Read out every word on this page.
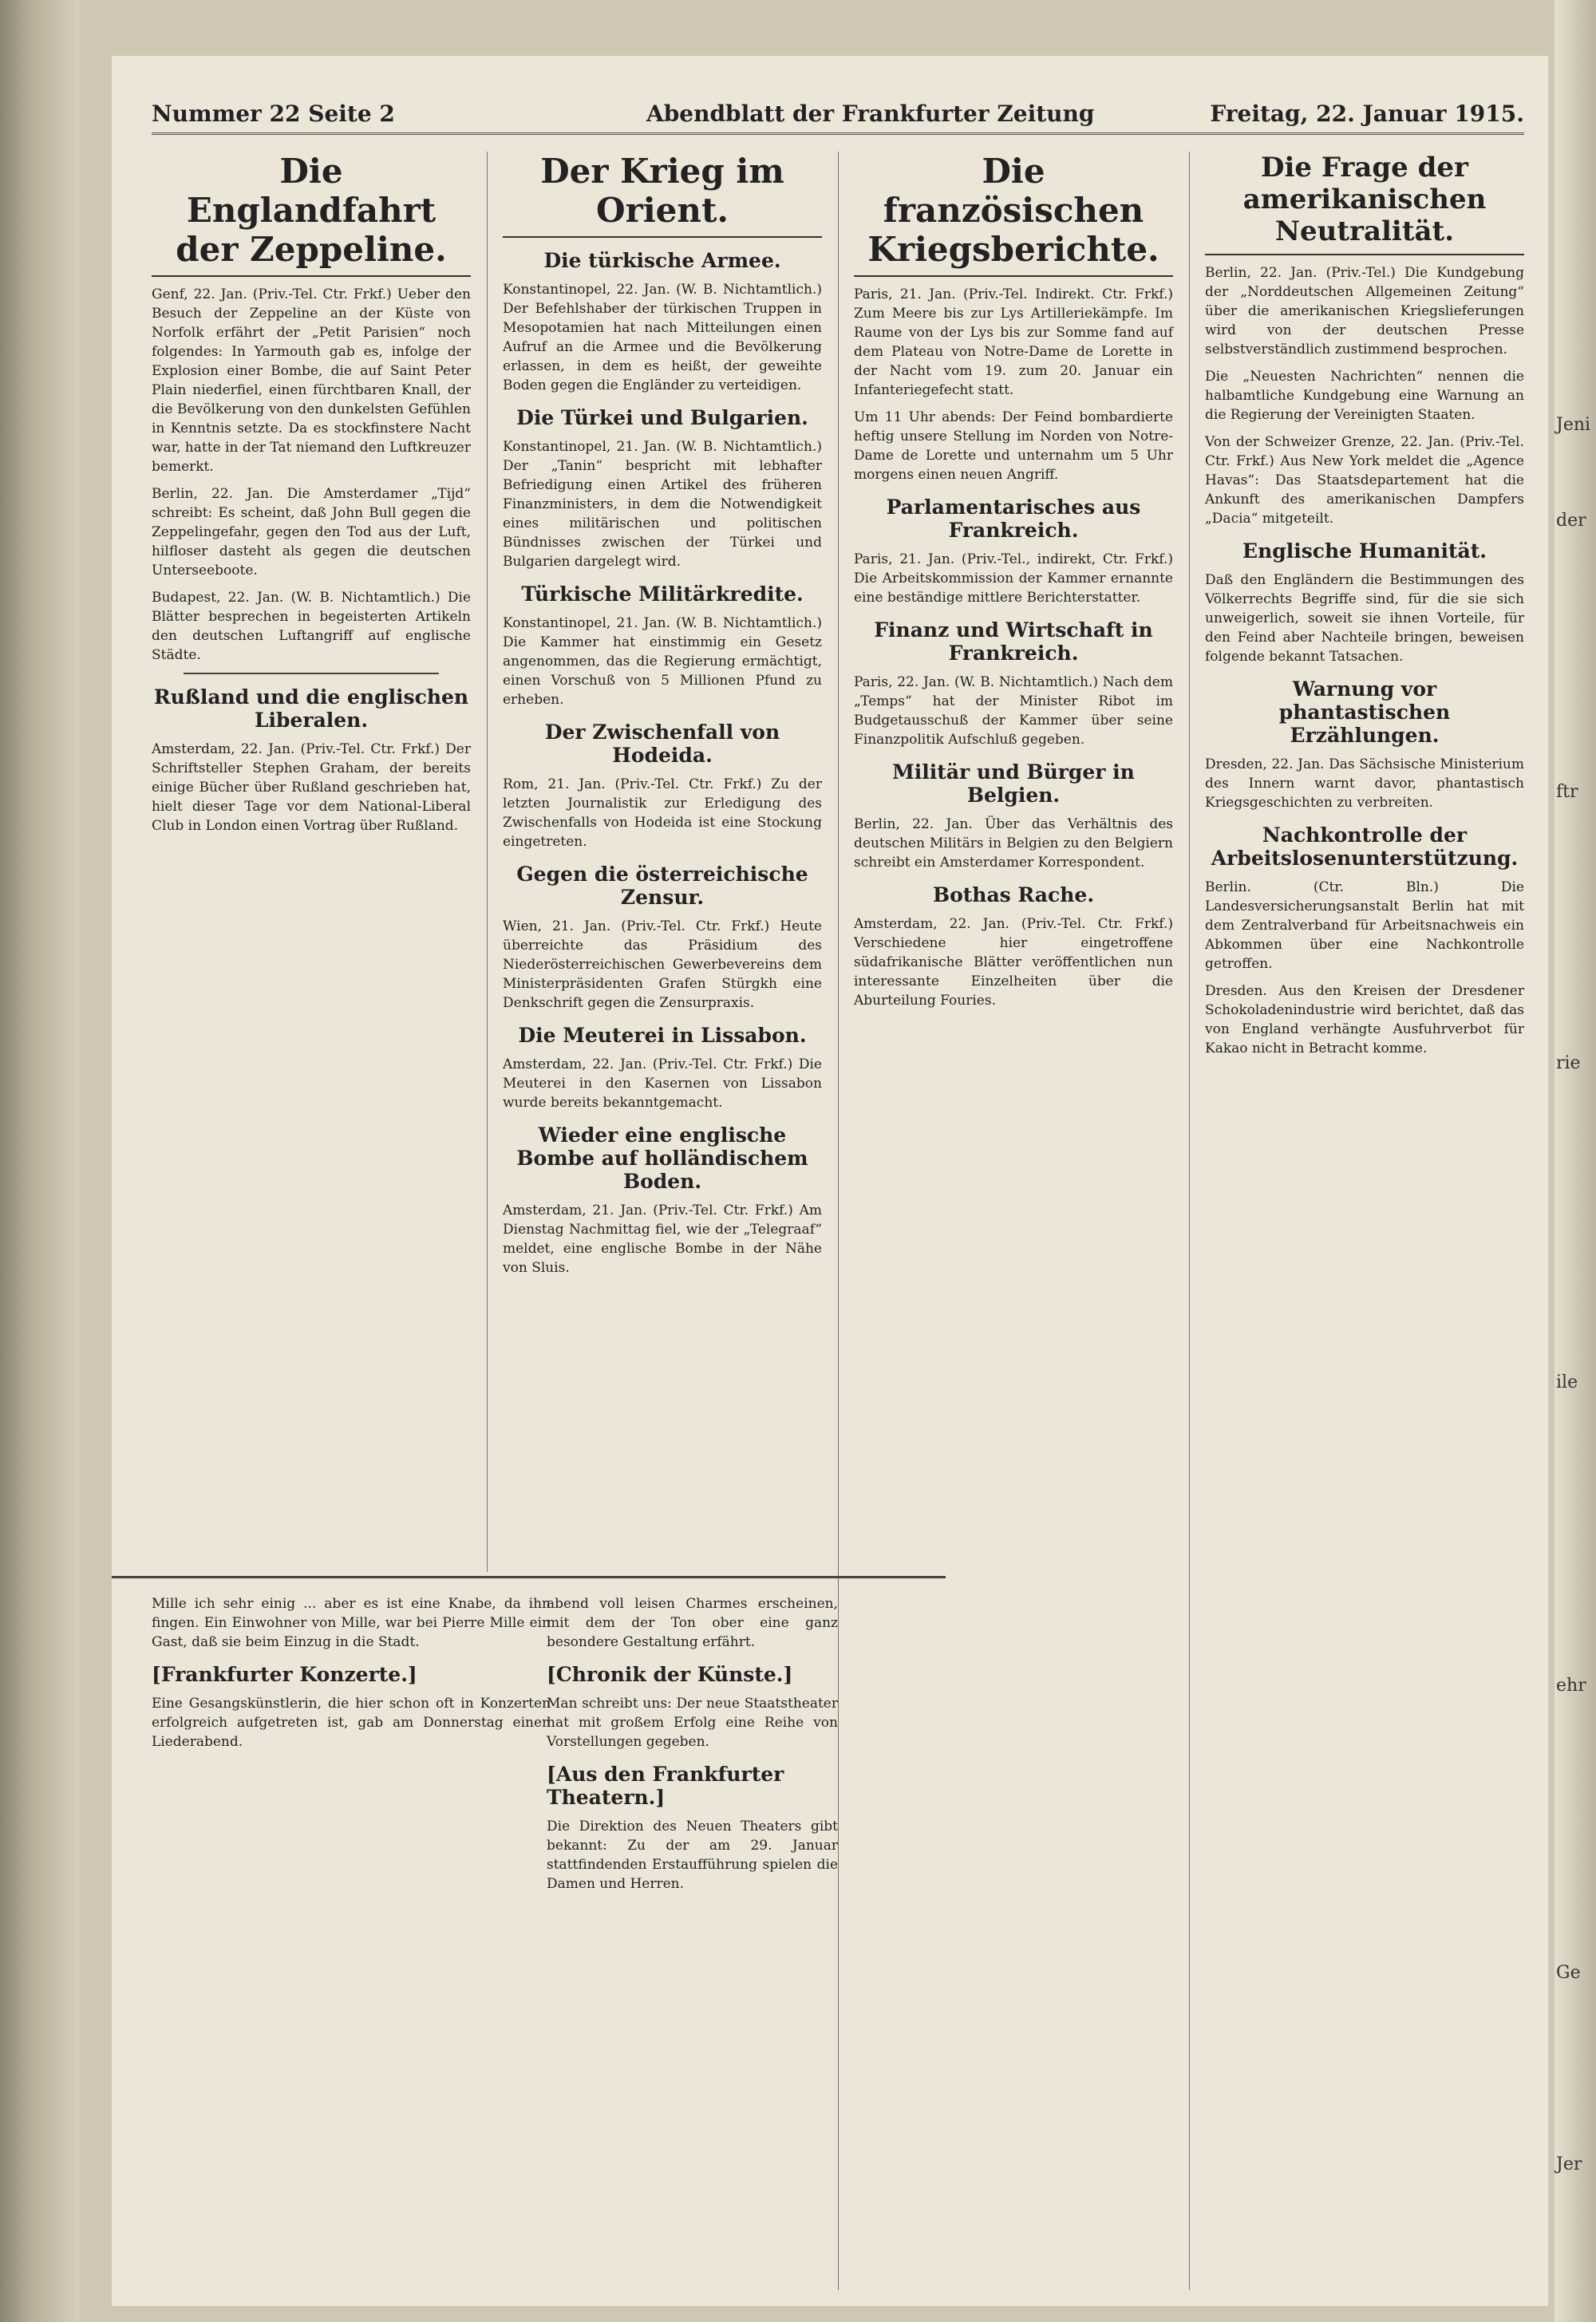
Nummer 22 Seite 2	Abendblatt der Frankfurter Zeitung	Freitag, 22. Januar 1915.
Die Englandfahrt der Zeppeline.

Genf, 22. Jan. (Priv.-Tel. Ctr. Frkf.) Ueber den Besuch der Zeppeline an der Küste von Norfolk erfährt der „Petit Parisien“ noch folgendes: In Yarmouth gab es, infolge der Explosion einer Bombe, die auf Saint Peter Plain niederfiel, einen fürchtbaren Knall, der die Bevölkerung von den dunkelsten Gefühlen in Kenntnis setzte. Da es stockfinstere Nacht war, hatte in der Tat niemand den Luftkreuzer bemerkt.

Berlin, 22. Jan. Die Amsterdamer „Tijd“ schreibt: Es scheint, daß John Bull gegen die Zeppelingefahr, gegen den Tod aus der Luft, hilfloser dasteht als gegen die deutschen Unterseeboote.

Budapest, 22. Jan. (W. B. Nichtamtlich.) Die Blätter besprechen in begeisterten Artikeln den deutschen Luftangriff auf englische Städte.

Rußland und die englischen Liberalen.

Amsterdam, 22. Jan. (Priv.-Tel. Ctr. Frkf.) Der Schriftsteller Stephen Graham, der bereits einige Bücher über Rußland geschrieben hat, hielt dieser Tage vor dem National-Liberal Club in London einen Vortrag über Rußland.

Der Krieg im Orient.
Die türkische Armee.

Konstantinopel, 22. Jan. (W. B. Nichtamtlich.) Der Befehlshaber der türkischen Truppen in Mesopotamien hat nach Mitteilungen einen Aufruf an die Armee und die Bevölkerung erlassen, in dem es heißt, der geweihte Boden gegen die Engländer zu verteidigen.

Die Türkei und Bulgarien.

Konstantinopel, 21. Jan. (W. B. Nichtamtlich.) Der „Tanin“ bespricht mit lebhafter Befriedigung einen Artikel des früheren Finanzministers, in dem die Notwendigkeit eines militärischen und politischen Bündnisses zwischen der Türkei und Bulgarien dargelegt wird.

Türkische Militärkredite.

Konstantinopel, 21. Jan. (W. B. Nichtamtlich.) Die Kammer hat einstimmig ein Gesetz angenommen, das die Regierung ermächtigt, einen Vorschuß von 5 Millionen Pfund zu erheben.

Der Zwischenfall von Hodeida.

Rom, 21. Jan. (Priv.-Tel. Ctr. Frkf.) Zu der letzten Journalistik zur Erledigung des Zwischenfalls von Hodeida ist eine Stockung eingetreten.

Gegen die österreichische Zensur.

Wien, 21. Jan. (Priv.-Tel. Ctr. Frkf.) Heute überreichte das Präsidium des Niederösterreichischen Gewerbevereins dem Ministerpräsidenten Grafen Stürgkh eine Denkschrift gegen die Zensurpraxis.

Die Meuterei in Lissabon.

Amsterdam, 22. Jan. (Priv.-Tel. Ctr. Frkf.) Die Meuterei in den Kasernen von Lissabon wurde bereits bekanntgemacht.

Wieder eine englische Bombe auf holländischem Boden.

Amsterdam, 21. Jan. (Priv.-Tel. Ctr. Frkf.) Am Dienstag Nachmittag fiel, wie der „Telegraaf“ meldet, eine englische Bombe in der Nähe von Sluis.

Die französischen Kriegsberichte.

Paris, 21. Jan. (Priv.-Tel. Indirekt. Ctr. Frkf.) Zum Meere bis zur Lys Artilleriekämpfe. Im Raume von der Lys bis zur Somme fand auf dem Plateau von Notre-Dame de Lorette in der Nacht vom 19. zum 20. Januar ein Infanteriegefecht statt.

Um 11 Uhr abends: Der Feind bombardierte heftig unsere Stellung im Norden von Notre-Dame de Lorette und unternahm um 5 Uhr morgens einen neuen Angriff.

Parlamentarisches aus Frankreich.

Paris, 21. Jan. (Priv.-Tel., indirekt, Ctr. Frkf.) Die Arbeitskommission der Kammer ernannte eine beständige mittlere Berichterstatter.

Finanz und Wirtschaft in Frankreich.

Paris, 22. Jan. (W. B. Nichtamtlich.) Nach dem „Temps“ hat der Minister Ribot im Budgetausschuß der Kammer über seine Finanzpolitik Aufschluß gegeben.

Militär und Bürger in Belgien.

Berlin, 22. Jan. Über das Verhältnis des deutschen Militärs in Belgien zu den Belgiern schreibt ein Amsterdamer Korrespondent.

Bothas Rache.

Amsterdam, 22. Jan. (Priv.-Tel. Ctr. Frkf.) Verschiedene hier eingetroffene südafrikanische Blätter veröffentlichen nun interessante Einzelheiten über die Aburteilung Fouries.

Die Frage der amerikanischen Neutralität.

Berlin, 22. Jan. (Priv.-Tel.) Die Kundgebung der „Norddeutschen Allgemeinen Zeitung“ über die amerikanischen Kriegslieferungen wird von der deutschen Presse selbstverständlich zustimmend besprochen.

Die „Neuesten Nachrichten“ nennen die halbamtliche Kundgebung eine Warnung an die Regierung der Vereinigten Staaten.

Von der Schweizer Grenze, 22. Jan. (Priv.-Tel. Ctr. Frkf.) Aus New York meldet die „Agence Havas“: Das Staatsdepartement hat die Ankunft des amerikanischen Dampfers „Dacia“ mitgeteilt.

Englische Humanität.

Daß den Engländern die Bestimmungen des Völkerrechts Begriffe sind, für die sie sich unweigerlich, soweit sie ihnen Vorteile, für den Feind aber Nachteile bringen, beweisen folgende bekannt Tatsachen.

Warnung vor phantastischen Erzählungen.

Dresden, 22. Jan. Das Sächsische Ministerium des Innern warnt davor, phantastisch Kriegsgeschichten zu verbreiten.

Nachkontrolle der Arbeitslosenunterstützung.

Berlin. (Ctr. Bln.) Die Landesversicherungsanstalt Berlin hat mit dem Zentralverband für Arbeitsnachweis ein Abkommen über eine Nachkontrolle getroffen.

Dresden. Aus den Kreisen der Dresdener Schokoladenindustrie wird berichtet, daß das von England verhängte Ausfuhrverbot für Kakao nicht in Betracht komme.

Mille ich sehr einig ... aber es ist eine Knabe, da ihn fingen. Ein Einwohner von Mille, war bei Pierre Mille ein Gast, daß sie beim Einzug in die Stadt.

[Frankfurter Konzerte.]

Eine Gesangskünstlerin, die hier schon oft in Konzerten erfolgreich aufgetreten ist, gab am Donnerstag einen Liederabend.

abend voll leisen Charmes erscheinen, mit dem der Ton ober eine ganz besondere Gestaltung erfährt.

[Chronik der Künste.]

Man schreibt uns: Der neue Staatstheater hat mit großem Erfolg eine Reihe von Vorstellungen gegeben.

[Aus den Frankfurter Theatern.]

Die Direktion des Neuen Theaters gibt bekannt: Zu der am 29. Januar stattfindenden Erstaufführung spielen die Damen und Herren.

Jeni
der
ftr
rie
ile
ehr
Ge
Jer
